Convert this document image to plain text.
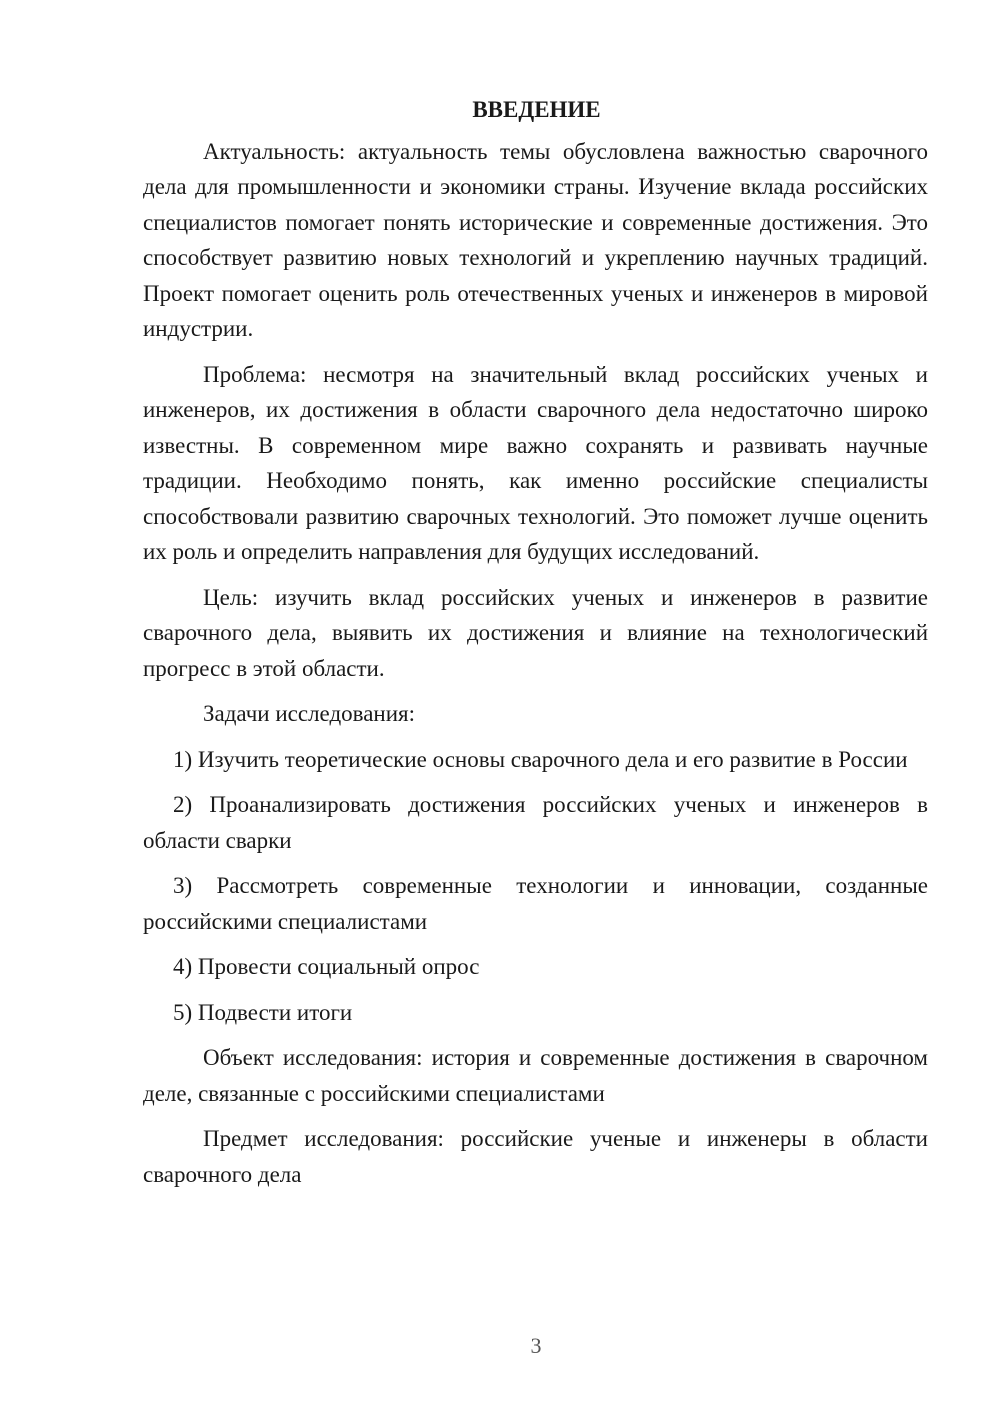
ВВЕДЕНИЕ

Актуальность: актуальность темы обусловлена важностью сварочного дела для промышленности и экономики страны. Изучение вклада российских специалистов помогает понять исторические и современные достижения. Это способствует развитию новых технологий и укреплению научных традиций. Проект помогает оценить роль отечественных ученых и инженеров в мировой индустрии.

Проблема: несмотря на значительный вклад российских ученых и инженеров, их достижения в области сварочного дела недостаточно широко известны. В современном мире важно сохранять и развивать научные традиции. Необходимо понять, как именно российские специалисты способствовали развитию сварочных технологий. Это поможет лучше оценить их роль и определить направления для будущих исследований.

Цель: изучить вклад российских ученых и инженеров в развитие сварочного дела, выявить их достижения и влияние на технологический прогресс в этой области.

Задачи исследования:

1) Изучить теоретические основы сварочного дела и его развитие в России

2) Проанализировать достижения российских ученых и инженеров в области сварки

3) Рассмотреть современные технологии и инновации, созданные российскими специалистами

4) Провести социальный опрос

5) Подвести итоги

Объект исследования: история и современные достижения в сварочном деле, связанные с российскими специалистами

Предмет исследования: российские ученые и инженеры в области сварочного дела

3
